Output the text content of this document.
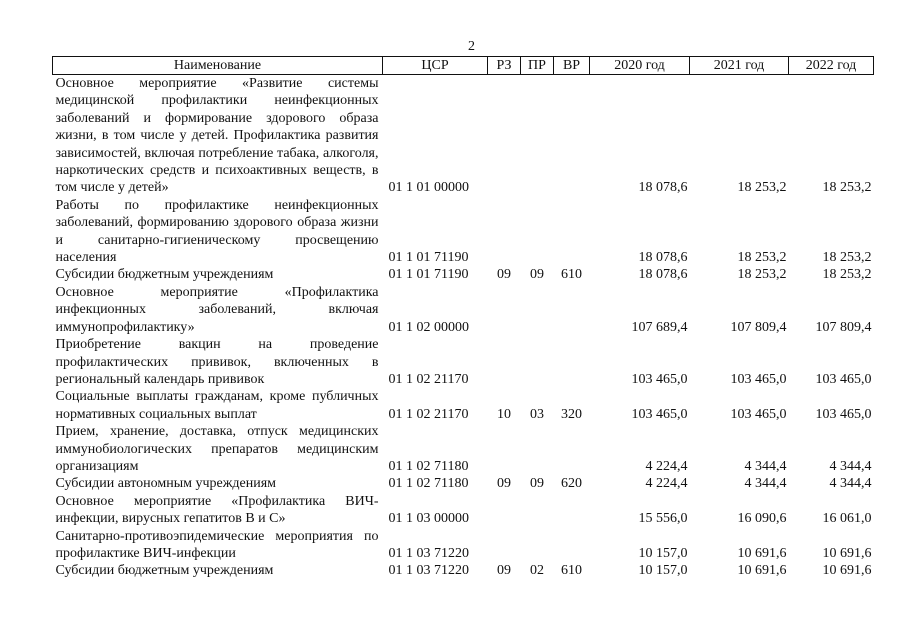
2
Наименование	ЦСР	РЗ	ПР	ВР	2020 год	2021 год	2022 год
Основное мероприятие «Развитие системы медицинской профилактики неинфекционных заболеваний и формирование здорового образа жизни, в том числе у детей. Профилактика развития зависимостей, включая потребление табака, алкоголя, наркотических средств и психоактивных веществ, в том числе у детей»	01 1 01 00000				18 078,6	18 253,2	18 253,2
Работы по профилактике неинфекционных заболеваний, формированию здорового образа жизни и санитарно-гигиеническому просвещению населения	01 1 01 71190				18 078,6	18 253,2	18 253,2
Субсидии бюджетным учреждениям	01 1 01 71190	09	09	610	18 078,6	18 253,2	18 253,2
Основное мероприятие «Профилактика инфекционных заболеваний, включая иммунопрофилактику»	01 1 02 00000				107 689,4	107 809,4	107 809,4
Приобретение вакцин на проведение профилактических прививок, включенных в региональный календарь прививок	01 1 02 21170				103 465,0	103 465,0	103 465,0
Социальные выплаты гражданам, кроме публичных нормативных социальных выплат	01 1 02 21170	10	03	320	103 465,0	103 465,0	103 465,0
Прием, хранение, доставка, отпуск медицинских иммунобиологических препаратов медицинским организациям	01 1 02 71180				4 224,4	4 344,4	4 344,4
Субсидии автономным учреждениям	01 1 02 71180	09	09	620	4 224,4	4 344,4	4 344,4
Основное мероприятие «Профилактика ВИЧ-инфекции, вирусных гепатитов В и С»	01 1 03 00000				15 556,0	16 090,6	16 061,0
Санитарно-противоэпидемические мероприятия по профилактике ВИЧ-инфекции	01 1 03 71220				10 157,0	10 691,6	10 691,6
Субсидии бюджетным учреждениям	01 1 03 71220	09	02	610	10 157,0	10 691,6	10 691,6
